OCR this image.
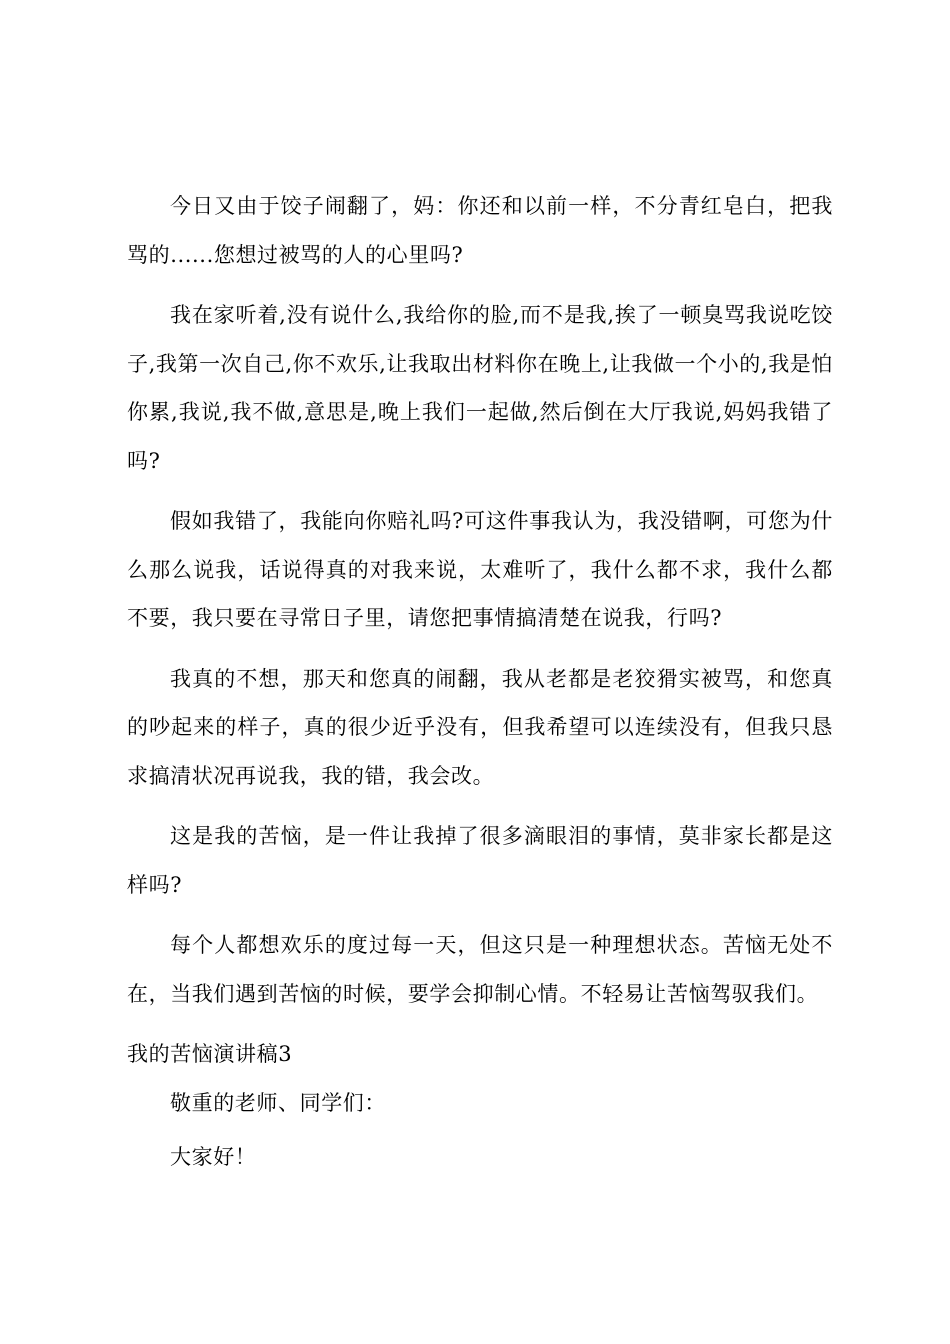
今日又由于饺子闹翻了，妈：你还和以前一样，不分青红皂白，把我骂的......您想过被骂的人的心里吗?

我在家听着,没有说什么,我给你的脸,而不是我,挨了一顿臭骂我说吃饺子,我第一次自己,你不欢乐,让我取出材料你在晚上,让我做一个小的,我是怕你累,我说,我不做,意思是,晚上我们一起做,然后倒在大厅我说,妈妈我错了吗?

假如我错了，我能向你赔礼吗?可这件事我认为，我没错啊，可您为什么那么说我，话说得真的对我来说，太难听了，我什么都不求，我什么都不要，我只要在寻常日子里，请您把事情搞清楚在说我，行吗?

我真的不想，那天和您真的闹翻，我从老都是老狡猾实被骂，和您真的吵起来的样子，真的很少近乎没有，但我希望可以连续没有，但我只恳求搞清状况再说我，我的错，我会改。

这是我的苦恼，是一件让我掉了很多滴眼泪的事情，莫非家长都是这样吗?

每个人都想欢乐的度过每一天，但这只是一种理想状态。苦恼无处不在，当我们遇到苦恼的时候，要学会抑制心情。不轻易让苦恼驾驭我们。

我的苦恼演讲稿3

敬重的老师、同学们：

大家好！
